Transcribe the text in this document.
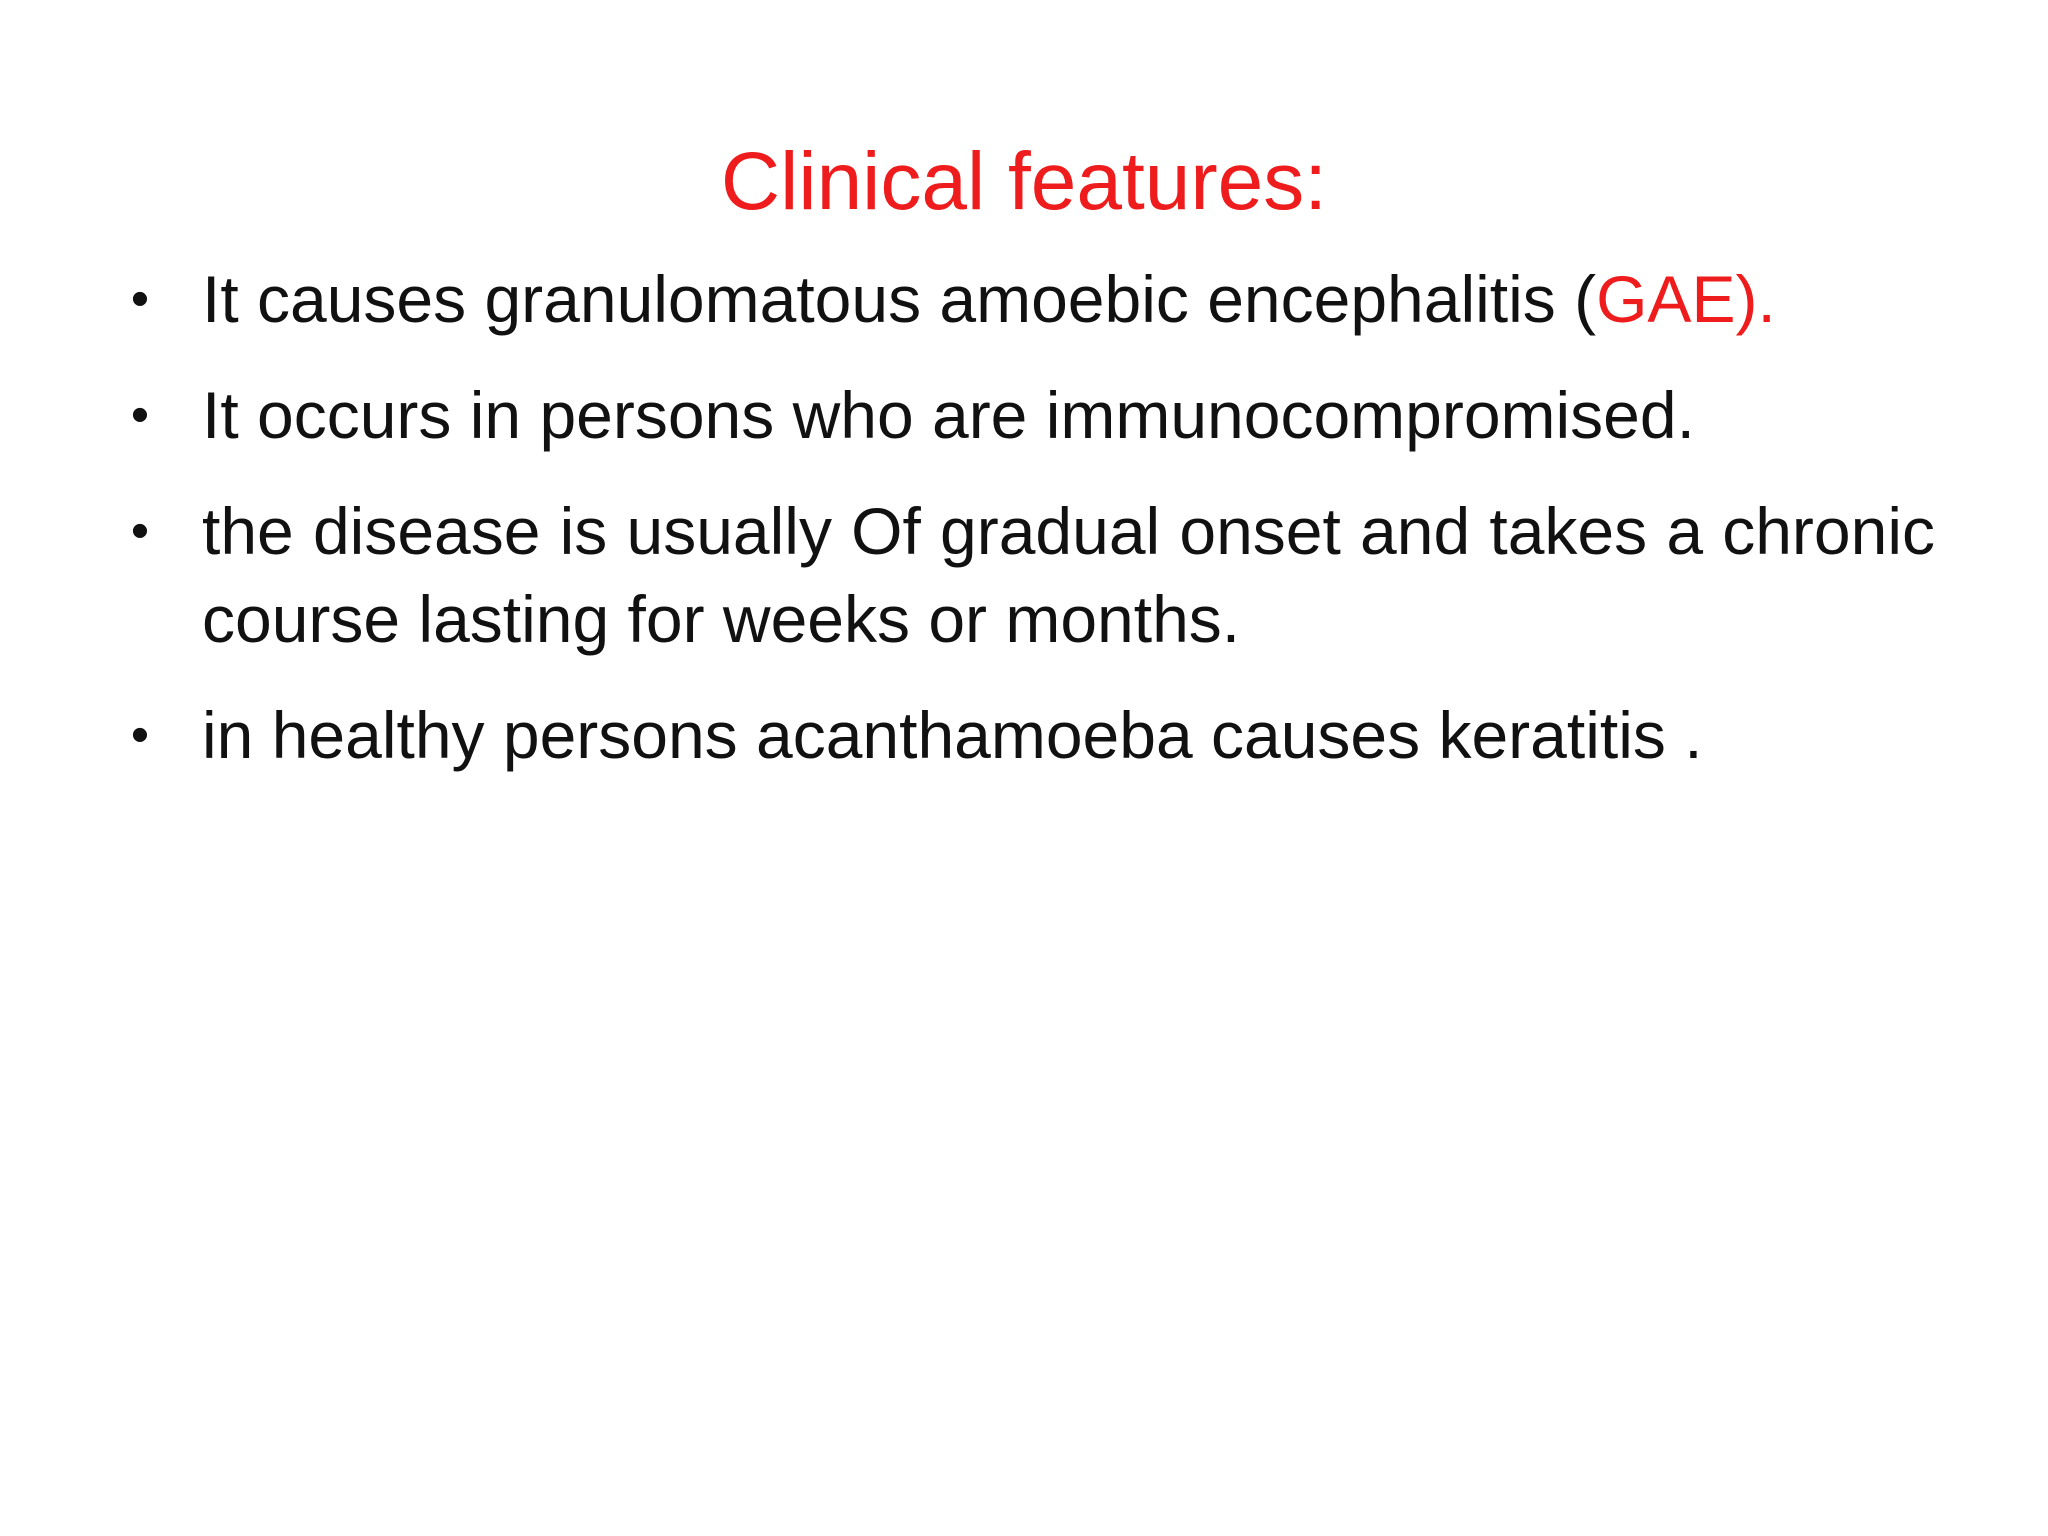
Clinical features:
• It causes granulomatous amoebic encephalitis (GAE).
• It occurs in persons who are immunocompromised.
• the disease is usually Of gradual onset and takes a chronic course lasting for weeks or months.
• in healthy persons acanthamoeba causes keratitis .
